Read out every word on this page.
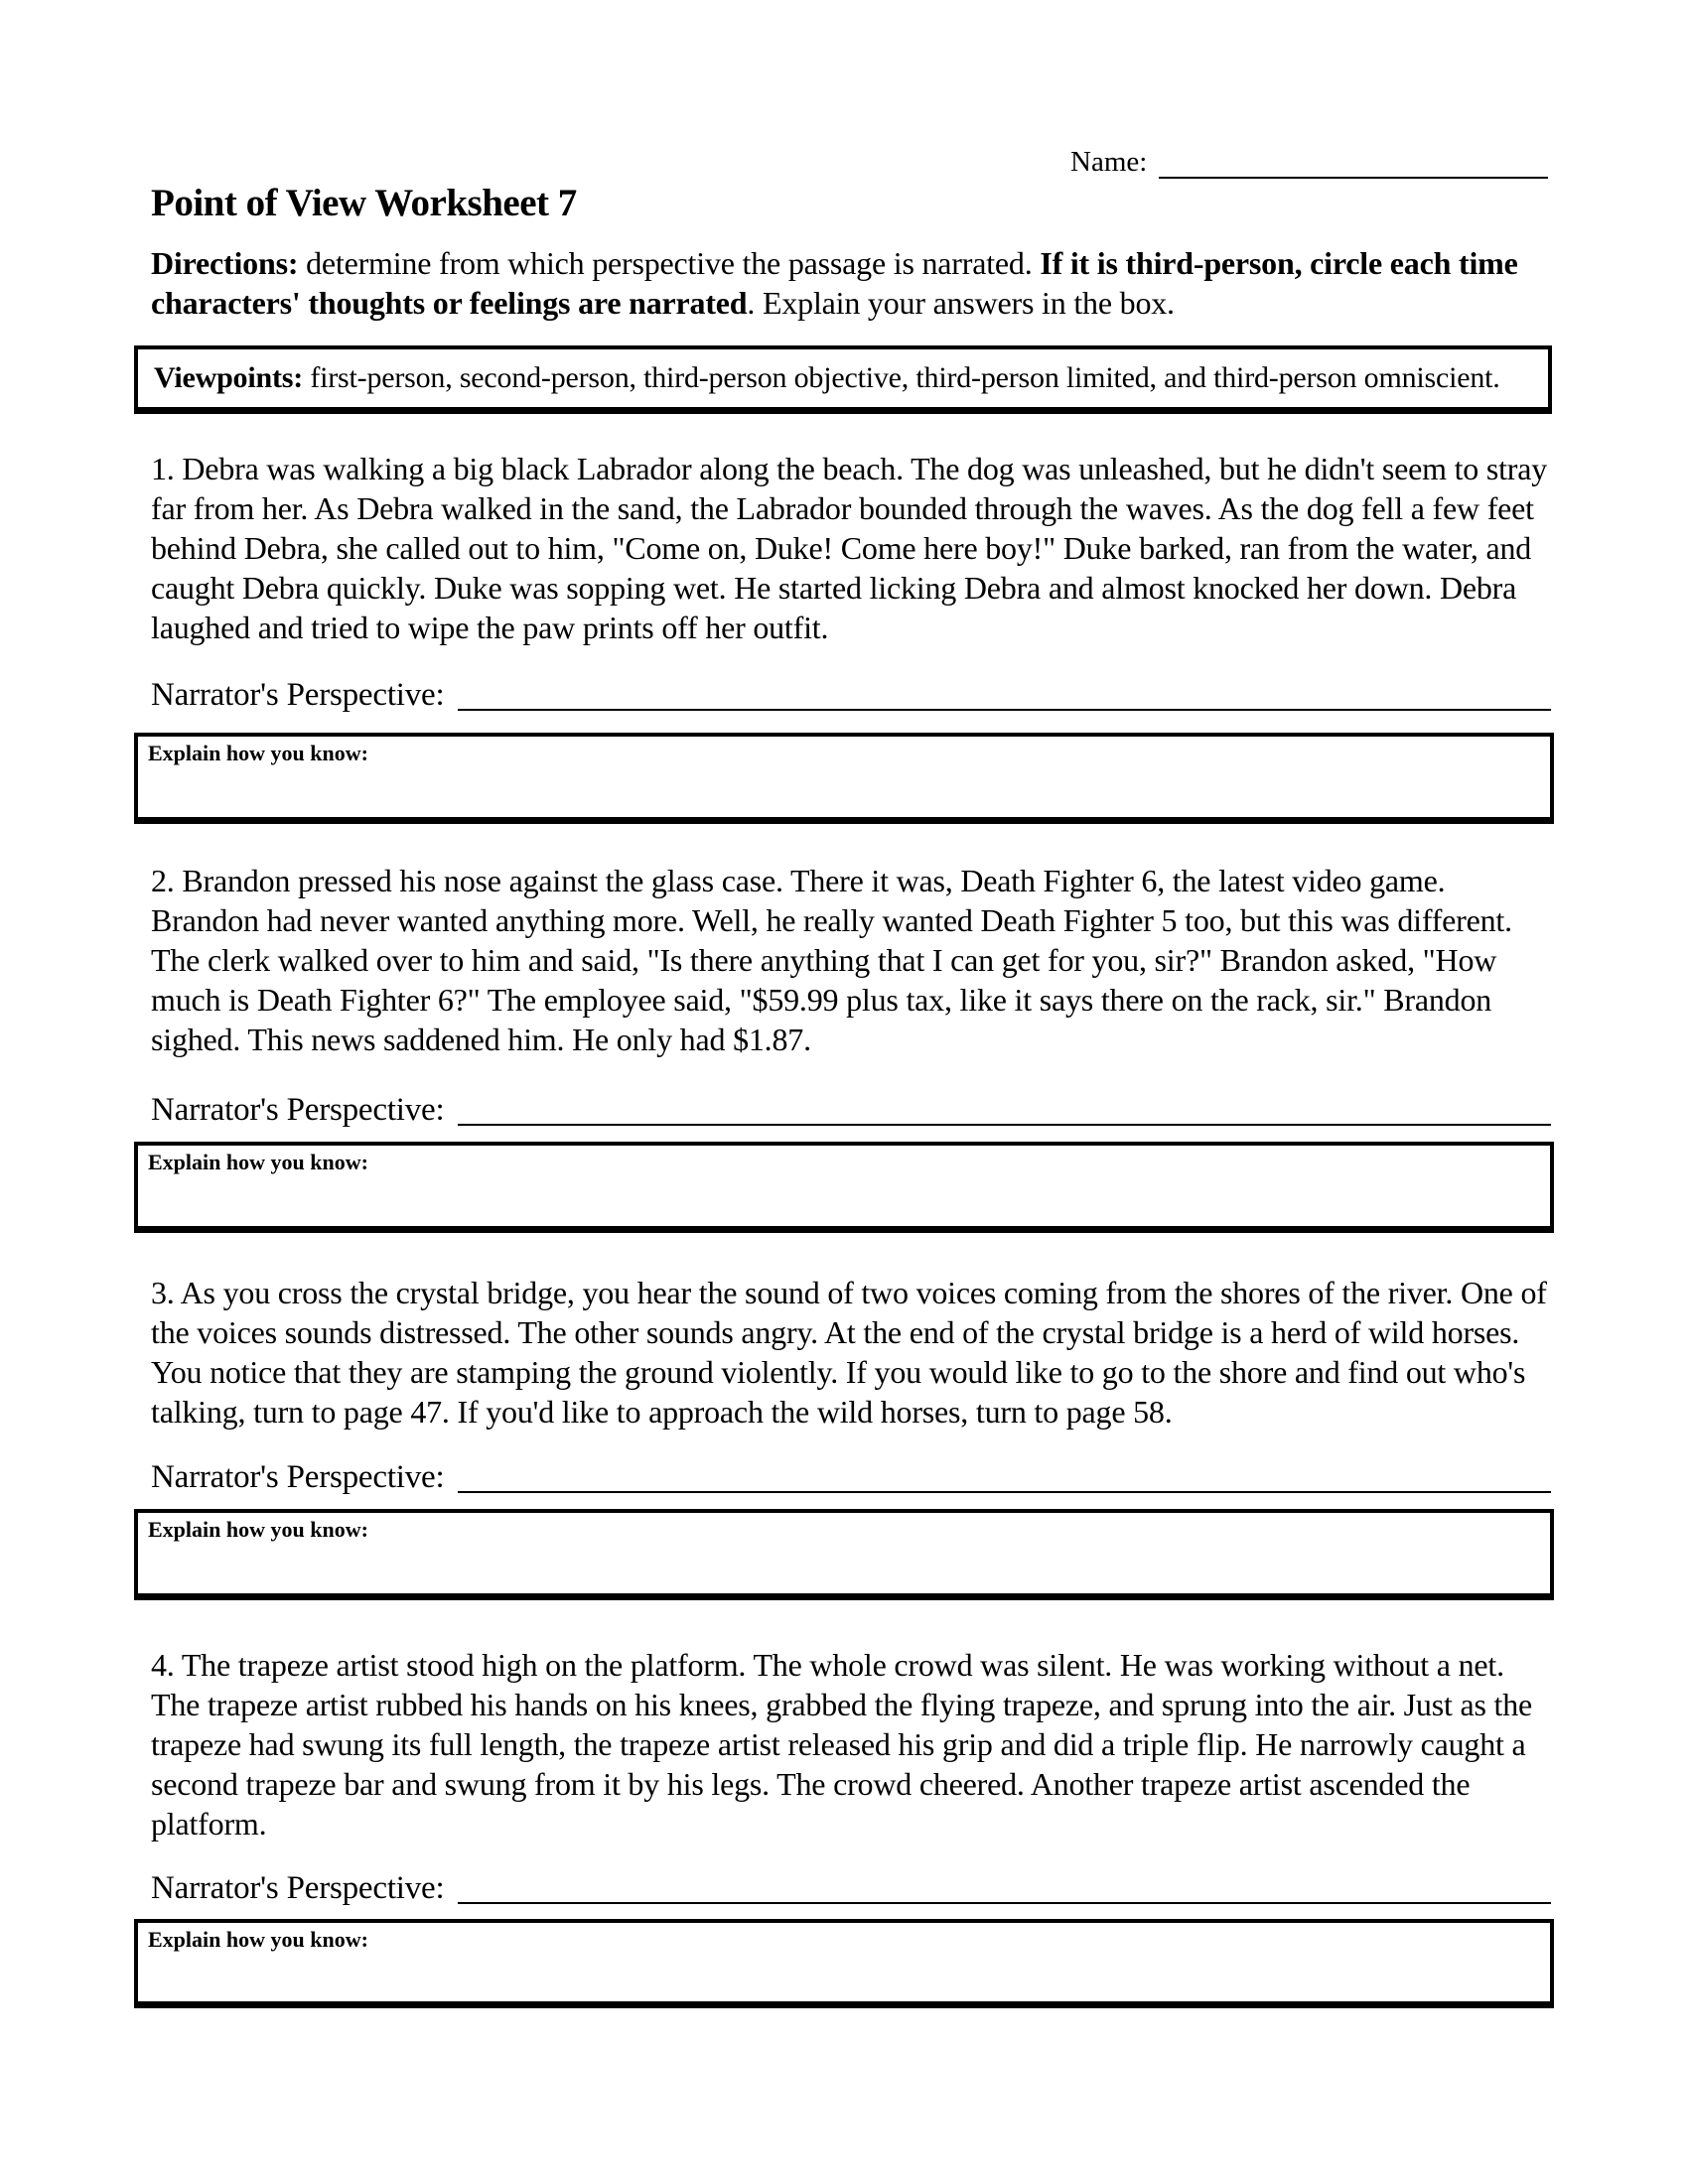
Name:
Point of View Worksheet 7
Directions: determine from which perspective the passage is narrated. If it is third-person, circle each time characters' thoughts or feelings are narrated. Explain your answers in the box.
Viewpoints: first-person, second-person, third-person objective, third-person limited, and third-person omniscient.
1. Debra was walking a big black Labrador along the beach. The dog was unleashed, but he didn't seem to stray far from her. As Debra walked in the sand, the Labrador bounded through the waves. As the dog fell a few feet behind Debra, she called out to him, "Come on, Duke! Come here boy!" Duke barked, ran from the water, and caught Debra quickly. Duke was sopping wet. He started licking Debra and almost knocked her down. Debra laughed and tried to wipe the paw prints off her outfit.
Narrator's Perspective:
Explain how you know:
2. Brandon pressed his nose against the glass case. There it was, Death Fighter 6, the latest video game. Brandon had never wanted anything more. Well, he really wanted Death Fighter 5 too, but this was different. The clerk walked over to him and said, "Is there anything that I can get for you, sir?" Brandon asked, "How much is Death Fighter 6?" The employee said, "$59.99 plus tax, like it says there on the rack, sir." Brandon sighed. This news saddened him. He only had $1.87.
Narrator's Perspective:
Explain how you know:
3. As you cross the crystal bridge, you hear the sound of two voices coming from the shores of the river. One of the voices sounds distressed. The other sounds angry. At the end of the crystal bridge is a herd of wild horses. You notice that they are stamping the ground violently. If you would like to go to the shore and find out who's talking, turn to page 47. If you'd like to approach the wild horses, turn to page 58.
Narrator's Perspective:
Explain how you know:
4. The trapeze artist stood high on the platform. The whole crowd was silent. He was working without a net. The trapeze artist rubbed his hands on his knees, grabbed the flying trapeze, and sprung into the air. Just as the trapeze had swung its full length, the trapeze artist released his grip and did a triple flip. He narrowly caught a second trapeze bar and swung from it by his legs. The crowd cheered. Another trapeze artist ascended the platform.
Narrator's Perspective:
Explain how you know:
